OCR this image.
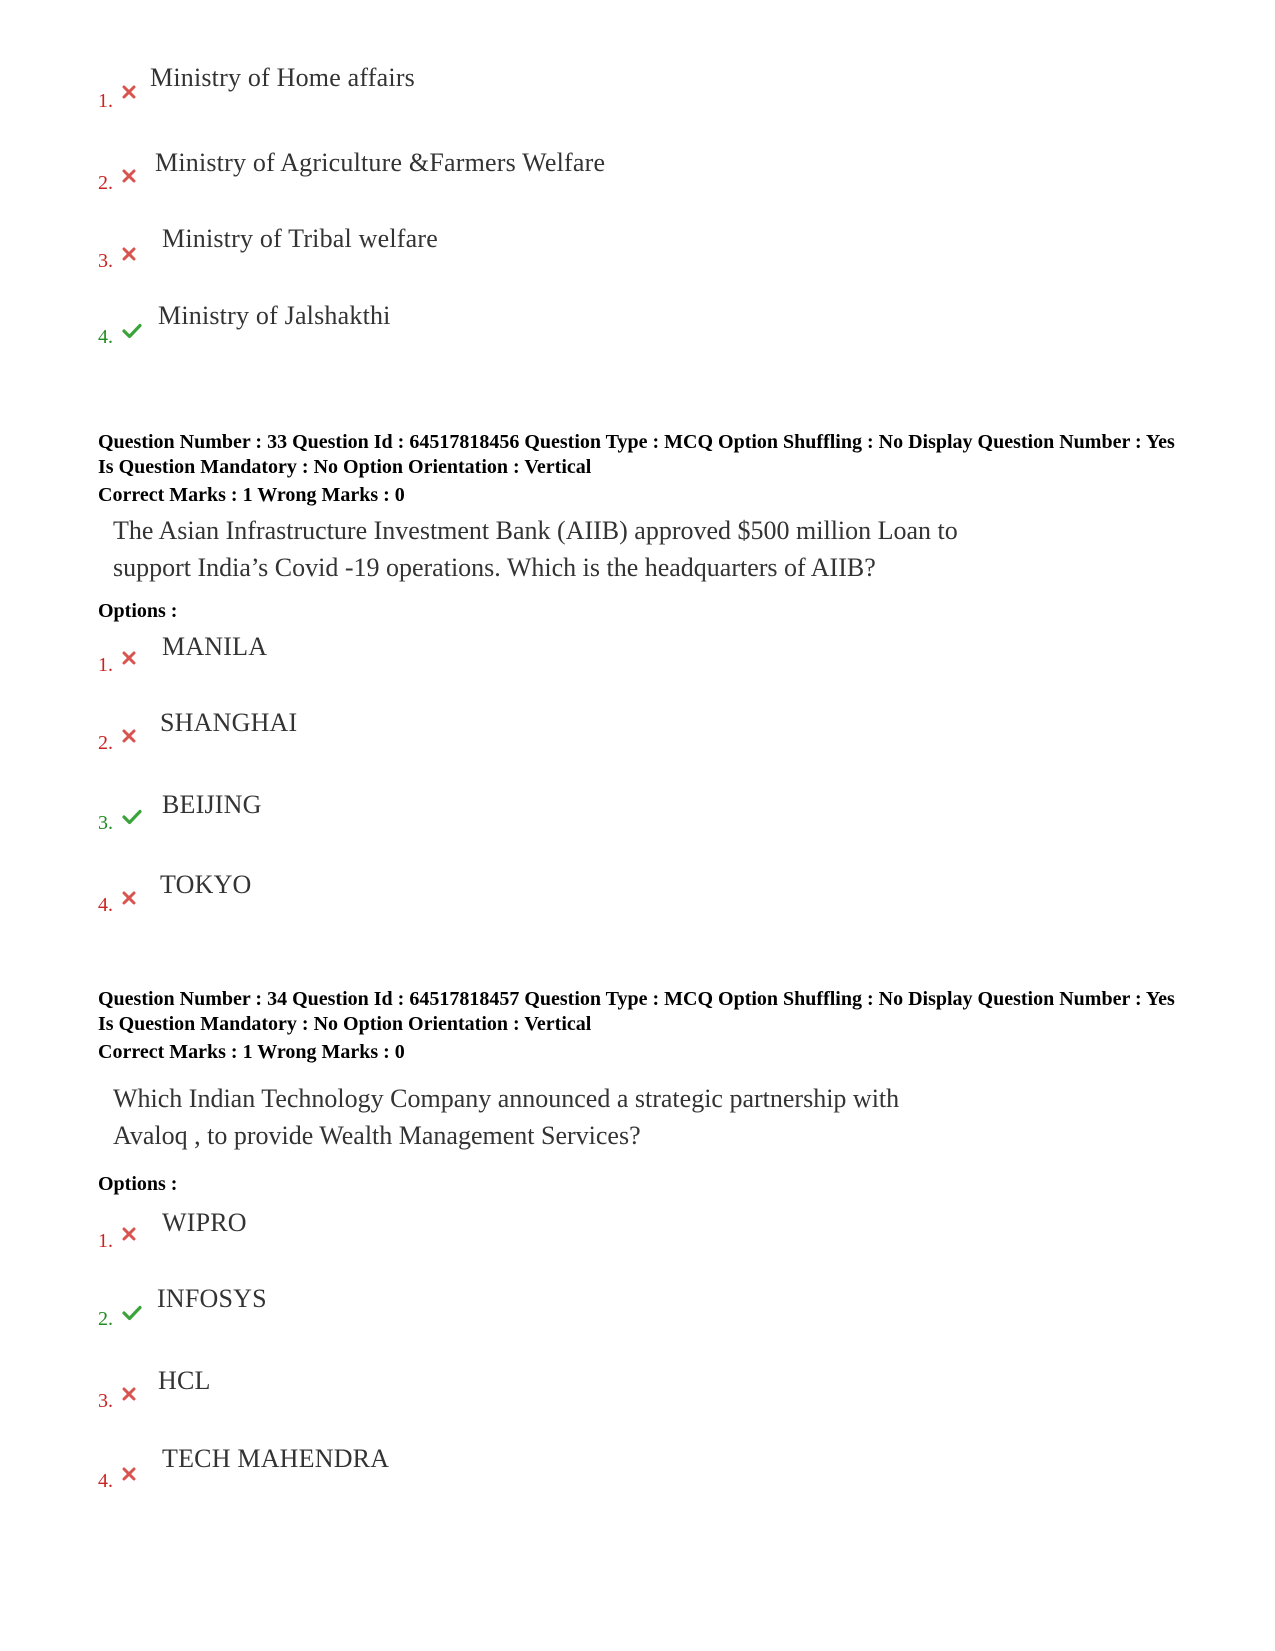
1.
Ministry of Home affairs
2.
Ministry of Agriculture &Farmers Welfare
3.
Ministry of Tribal welfare
4.
Ministry of Jalshakthi
Question Number : 33 Question Id : 64517818456 Question Type : MCQ Option Shuffling : No Display Question Number : Yes Is Question Mandatory : No Option Orientation : Vertical
Correct Marks : 1 Wrong Marks : 0
The Asian Infrastructure Investment Bank (AIIB) approved $500 million Loan to
support India’s Covid -19 operations. Which is the headquarters of AIIB?
Options :
1.
MANILA
2.
SHANGHAI
3.
BEIJING
4.
TOKYO
Question Number : 34 Question Id : 64517818457 Question Type : MCQ Option Shuffling : No Display Question Number : Yes Is Question Mandatory : No Option Orientation : Vertical
Correct Marks : 1 Wrong Marks : 0
Which Indian Technology Company announced a strategic partnership with
Avaloq , to provide Wealth Management Services?
Options :
1.
WIPRO
2.
INFOSYS
3.
HCL
4.
TECH MAHENDRA
